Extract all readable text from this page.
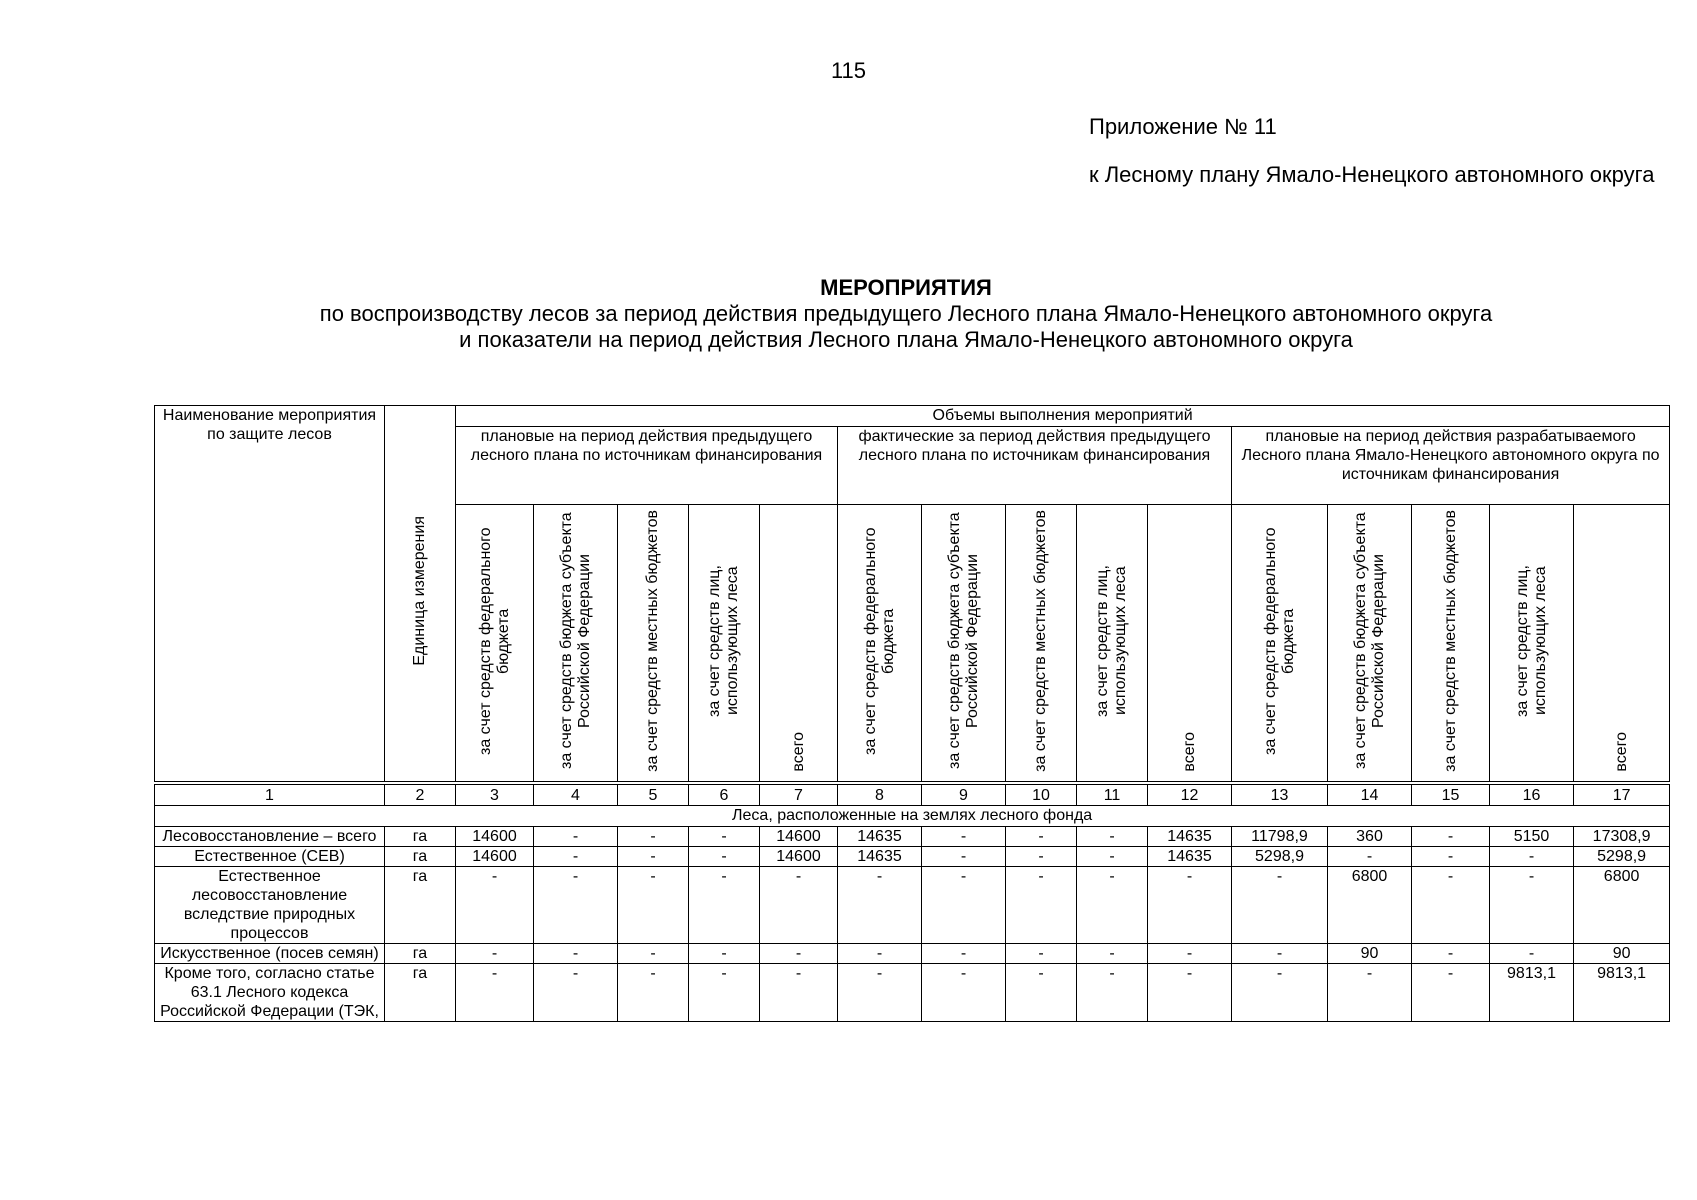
115
Приложение № 11
к Лесному плану Ямало-Ненецкого автономного округа
МЕРОПРИЯТИЯ
по воспроизводству лесов за период действия предыдущего Лесного плана Ямало-Ненецкого автономного округа
и показатели на период действия Лесного плана Ямало-Ненецкого автономного округа
Наименование мероприятия по защите лесов	Единица измерения	Объемы выполнения мероприятий														
		плановые на период действия предыдущего лесного плана по источникам финансирования					фактические за период действия предыдущего лесного плана по источникам финансирования					плановые на период действия разрабатываемого Лесного плана Ямало-Ненецкого автономного округа по источникам финансирования				
		за счет средств федерального бюджета	за счет средств бюджета субъекта Российской Федерации	за счет средств местных бюджетов	за счет средств лиц, использующих леса	всего	за счет средств федерального бюджета	за счет средств бюджета субъекта Российской Федерации	за счет средств местных бюджетов	за счет средств лиц, использующих леса	всего	за счет средств федерального бюджета	за счет средств бюджета субъекта Российской Федерации	за счет средств местных бюджетов	за счет средств лиц, использующих леса	всего
1	2	3	4	5	6	7	8	9	10	11	12	13	14	15	16	17
Леса, расположенные на землях лесного фонда																
Лесовосстановление – всего	га	14600	-	-	-	14600	14635	-	-	-	14635	11798,9	360	-	5150	17308,9
Естественное (СЕВ)	га	14600	-	-	-	14600	14635	-	-	-	14635	5298,9	-	-	-	5298,9
Естественное лесовосстановление вследствие природных процессов	га	-	-	-	-	-	-	-	-	-	-	-	6800	-	-	6800
Искусственное (посев семян)	га	-	-	-	-	-	-	-	-	-	-	-	90	-	-	90
Кроме того, согласно статье 63.1 Лесного кодекса Российской Федерации (ТЭК,	га	-	-	-	-	-	-	-	-	-	-	-	-	-	9813,1	9813,1
